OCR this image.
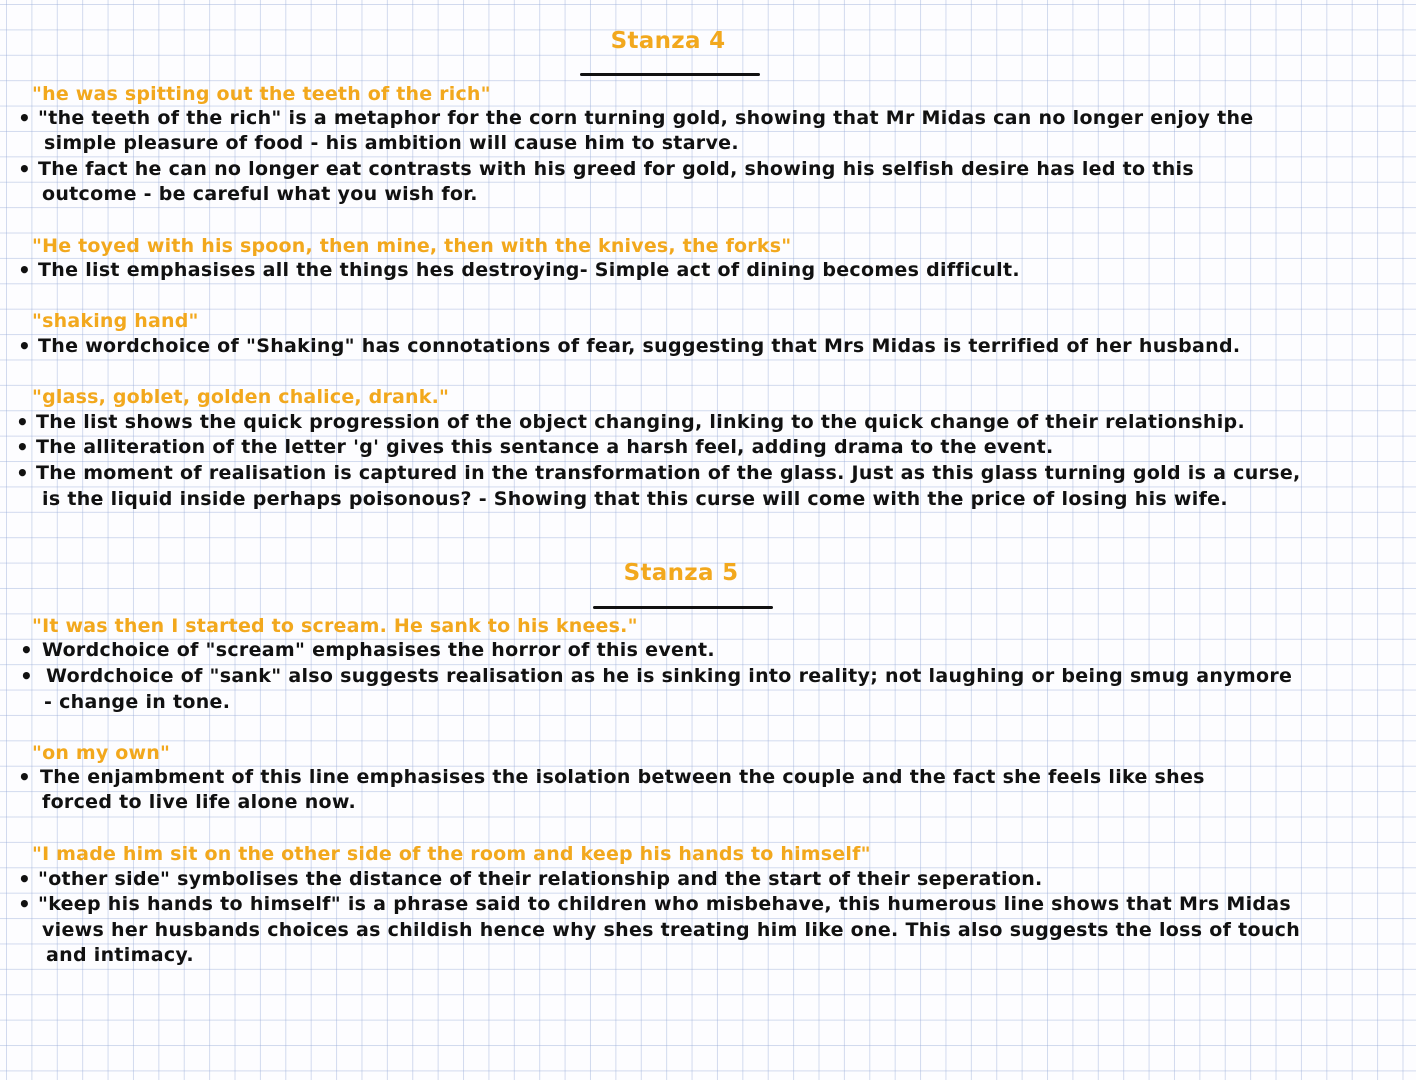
Stanza 4
"he was spitting out the teeth of the rich"
• "the teeth of the rich" is a metaphor for the corn turning gold, showing that Mr Midas can no longer enjoy the
simple pleasure of food - his ambition will cause him to starve.
• The fact he can no longer eat contrasts with his greed for gold, showing his selfish desire has led to this
outcome - be careful what you wish for.
"He toyed with his spoon, then mine, then with the knives, the forks"
• The list emphasises all the things hes destroying- Simple act of dining becomes difficult.
"shaking hand"
• The wordchoice of "Shaking" has connotations of fear, suggesting that Mrs Midas is terrified of her husband.
"glass, goblet, golden chalice, drank."
• The list shows the quick progression of the object changing, linking to the quick change of their relationship.
• The alliteration of the letter 'g' gives this sentance a harsh feel, adding drama to the event.
• The moment of realisation is captured in the transformation of the glass. Just as this glass turning gold is a curse,
is the liquid inside perhaps poisonous? - Showing that this curse will come with the price of losing his wife.
Stanza 5
"It was then I started to scream. He sank to his knees."
• Wordchoice of "scream" emphasises the horror of this event.
• Wordchoice of "sank" also suggests realisation as he is sinking into reality; not laughing or being smug anymore
- change in tone.
"on my own"
• The enjambment of this line emphasises the isolation between the couple and the fact she feels like shes
forced to live life alone now.
"I made him sit on the other side of the room and keep his hands to himself"
• "other side" symbolises the distance of their relationship and the start of their seperation.
• "keep his hands to himself" is a phrase said to children who misbehave, this humerous line shows that Mrs Midas
views her husbands choices as childish hence why shes treating him like one. This also suggests the loss of touch
and intimacy.
